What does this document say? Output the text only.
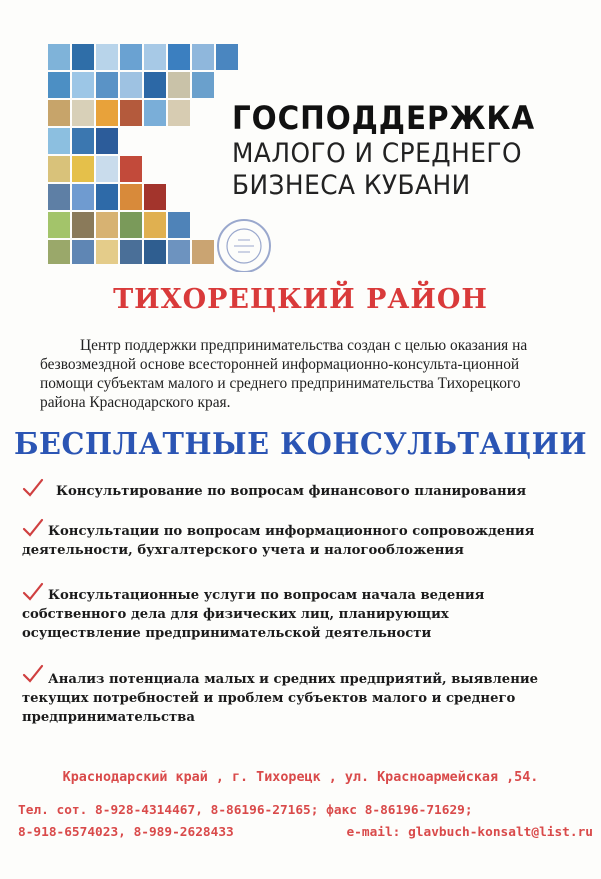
ГОСПОДДЕРЖКА
МАЛОГО И СРЕДНЕГО
БИЗНЕСА КУБАНИ
ТИХОРЕЦКИЙ РАЙОН

Центр поддержки предпринимательства создан с целью оказания на безвозмездной основе всесторонней информационно-консульта-ционной помощи субъектам малого и среднего предпринимательства Тихорецкого района Краснодарского края.

БЕСПЛАТНЫЕ КОНСУЛЬТАЦИИ

Консультирование по вопросам финансового планирования

Консультации по вопросам информационного сопровождения

деятельности, бухгалтерского учета и налогообложения

Консультационные услуги по вопросам начала ведения

собственного дела для физических лиц, планирующих

осуществление предпринимательской деятельности

Анализ потенциала малых и средних предприятий, выявление

текущих потребностей и проблем субъектов малого и среднего

предпринимательства

Краснодарский край , г. Тихорецк , ул. Красноармейская ,54.
Тел. сот. 8-928-4314467, 8-86196-27165; факс 8-86196-71629;
8-918-6574023, 8-989-2628433	e-mail: glavbuch-konsalt@list.ru
